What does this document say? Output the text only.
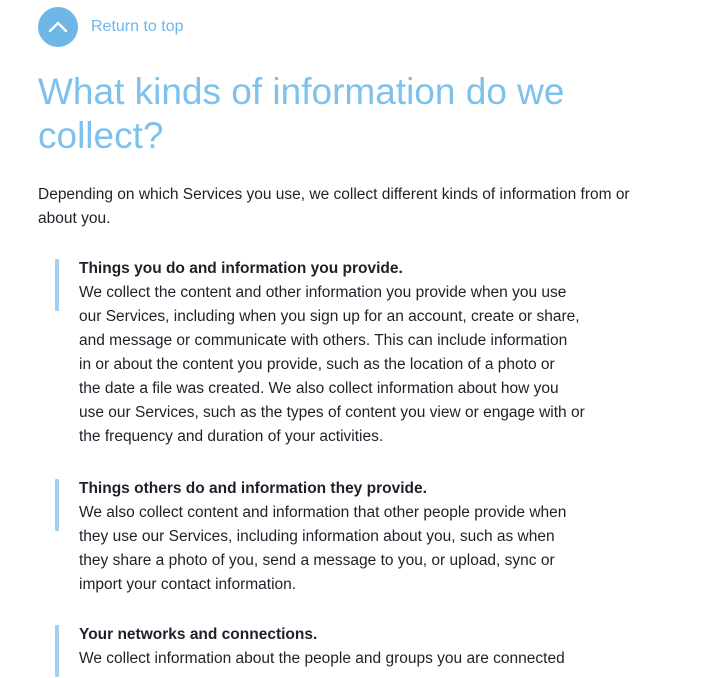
Return to top
What kinds of information do we collect?

Depending on which Services you use, we collect different kinds of information from or
about you.

Things you do and information you provide.
We collect the content and other information you provide when you use
our Services, including when you sign up for an account, create or share,
and message or communicate with others. This can include information
in or about the content you provide, such as the location of a photo or
the date a file was created. We also collect information about how you
use our Services, such as the types of content you view or engage with or
the frequency and duration of your activities.
Things others do and information they provide.
We also collect content and information that other people provide when
they use our Services, including information about you, such as when
they share a photo of you, send a message to you, or upload, sync or
import your contact information.
Your networks and connections.
We collect information about the people and groups you are connected
